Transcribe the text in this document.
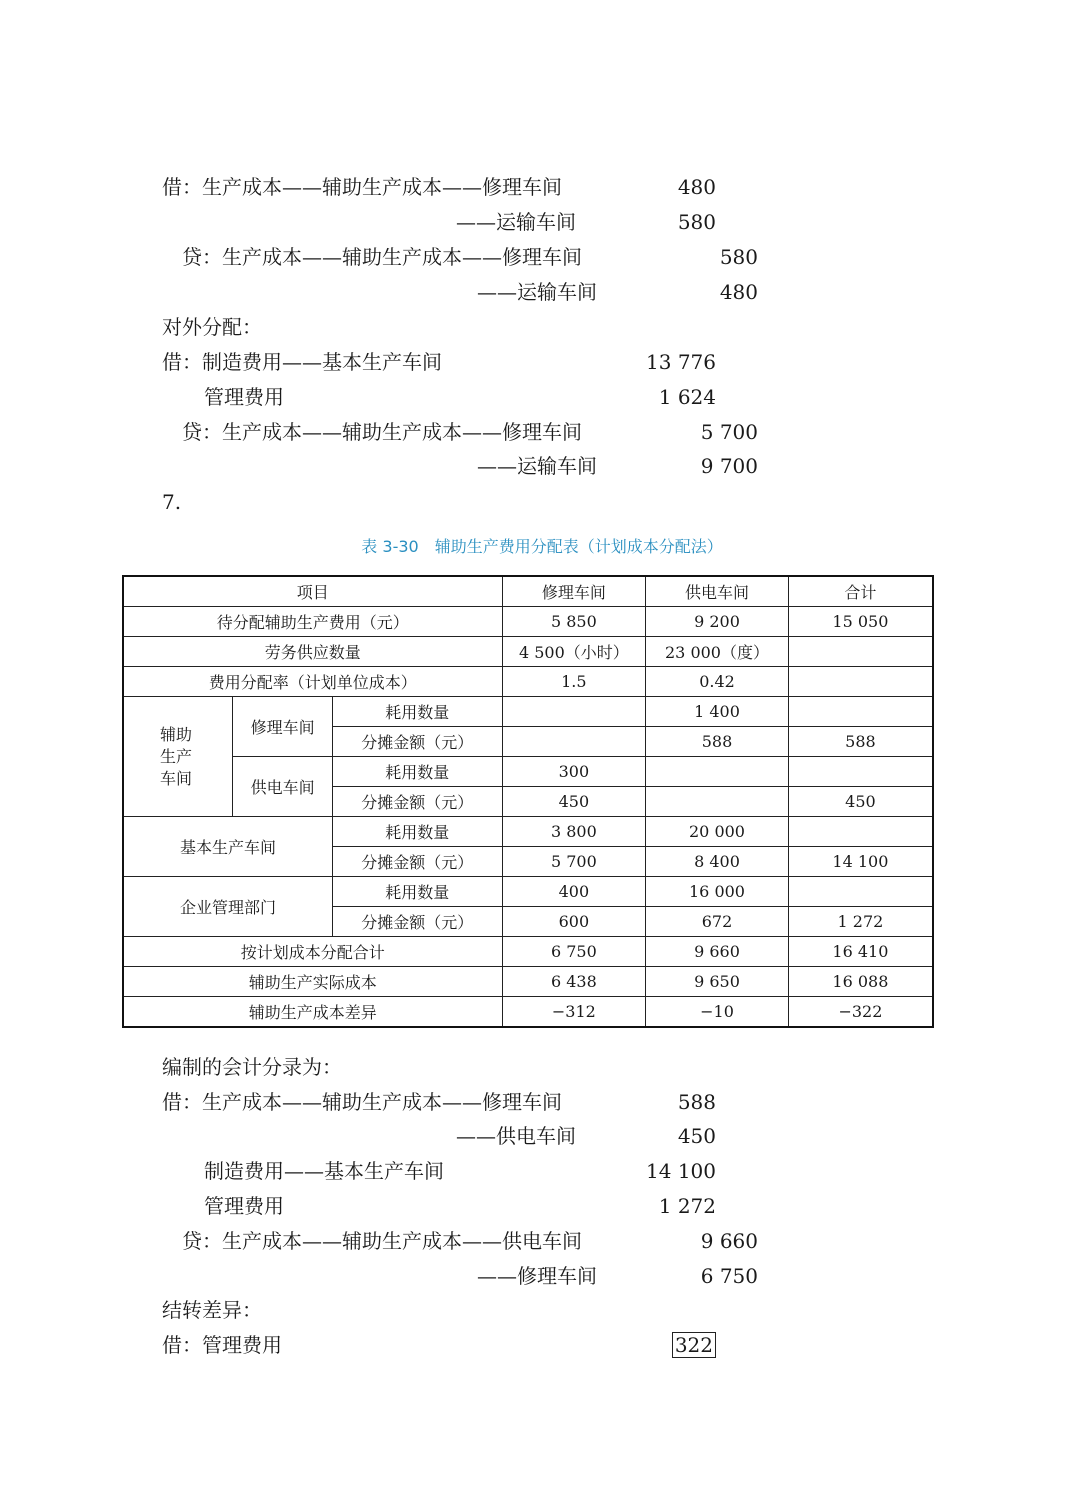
借：生产成本——辅助生产成本——修理车间	480
——运输车间	580
贷：生产成本——辅助生产成本——修理车间	580
——运输车间	480
对外分配：
借：制造费用——基本生产车间	13 776
管理费用	1 624
贷：生产成本——辅助生产成本——修理车间	5 700
——运输车间	9 700
7.
表 3-30　辅助生产费用分配表（计划成本分配法）
项目			修理车间	供电车间	合计
待分配辅助生产费用（元）			5 850	9 200	15 050
劳务供应数量			4 500（小时）	23 000（度）	
费用分配率（计划单位成本）			1.5	0.42	
辅助
生产
车间	修理车间	耗用数量		1 400	
		分摊金额（元）		588	588
	供电车间	耗用数量	300		
		分摊金额（元）	450		450
基本生产车间		耗用数量	3 800	20 000	
		分摊金额（元）	5 700	8 400	14 100
企业管理部门		耗用数量	400	16 000	
		分摊金额（元）	600	672	1 272
按计划成本分配合计			6 750	9 660	16 410
辅助生产实际成本			6 438	9 650	16 088
辅助生产成本差异			−312	−10	−322
编制的会计分录为：
借：生产成本——辅助生产成本——修理车间	588
——供电车间	450
制造费用——基本生产车间	14 100
管理费用	1 272
贷：生产成本——辅助生产成本——供电车间	9 660
——修理车间	6 750
结转差异：
借：管理费用	322
